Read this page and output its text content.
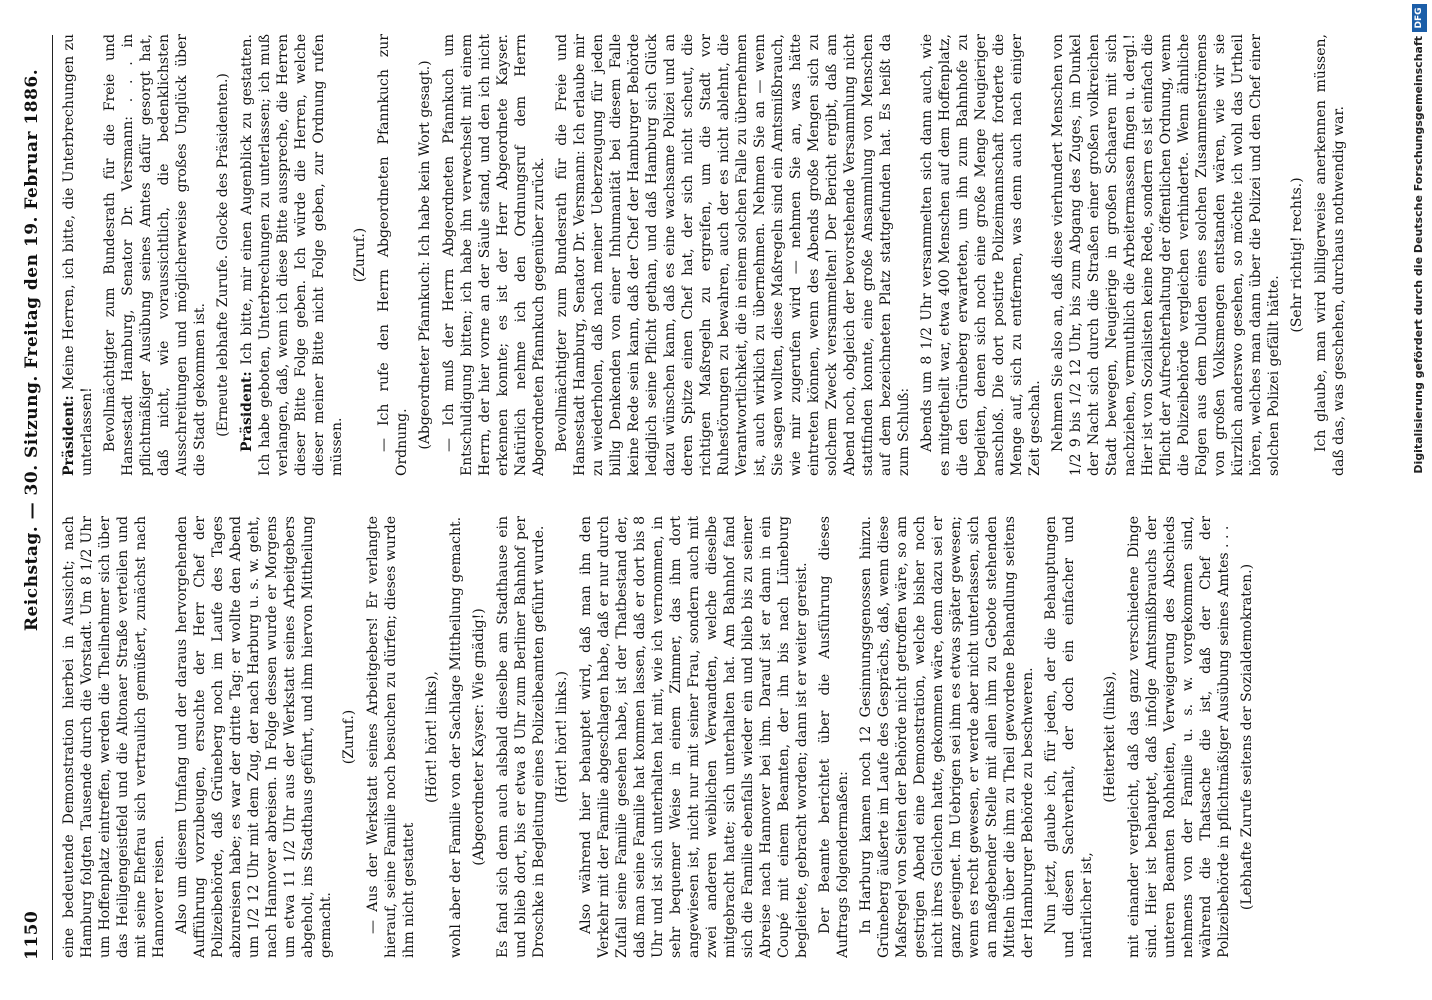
1150
Reichstag. — 30. Sitzung. Freitag den 19. Februar 1886.
eine bedeutende Demonstration hierbei in Aussicht; nach Hamburg folgten Tausende durch die Vorstadt. Um 8 1/2 Uhr um Hoffenplatz eintreffen, werden die Theilnehmer sich über das Heiligengeistfeld und die Altonaer Straße verteilen und mit seine Ehefrau sich vertraulich gemüßert, zunächst nach Hannover reisen. Also um diesem Umfang und der daraus hervorgehenden Aufführung vorzubeugen, ersuchte der Herr Chef der Polizeibehörde, daß Grüneberg noch im Laufe des Tages abzureisen habe; es war der dritte Tag: er wollte den Abend um 1/2 12 Uhr mit dem Zug, der nach Harburg u. s. w. geht, nach Hannover abreisen. In Folge dessen wurde er Morgens um etwa 11 1/2 Uhr aus der Werkstatt seines Arbeitgebers abgeholt, ins Stadthaus geführt, und ihm hiervon Mittheilung gemacht.
(Zuruf.) — Aus der Werkstatt seines Arbeitgebers! Er verlangte hierauf, seine Familie noch besuchen zu dürfen; dieses wurde ihm nicht gestattet
(Hört! hört! links), wohl aber der Familie von der Sachlage Mittheilung gemacht. (Abgeordneter Kayser: Wie gnädig!) Es fand sich denn auch alsbald dieselbe am Stadthause ein und blieb dort, bis er etwa 8 Uhr zum Berliner Bahnhof per Droschke in Begleitung eines Polizeibeamten geführt wurde. (Hört! hört! links.) Also während hier behauptet wird, daß man ihn den Verkehr mit der Familie abgeschlagen habe, daß er nur durch Zufall seine Familie gesehen habe, ist der Thatbestand der, daß man seine Familie hat kommen lassen, daß er dort bis 8 Uhr und ist sich unterhalten hat mit, wie ich vernommen, in sehr bequemer Weise in einem Zimmer, das ihm dort angewiesen ist, nicht nur mit seiner Frau, sondern auch mit zwei anderen weiblichen Verwandten, welche dieselbe mitgebracht hatte; sich unterhalten hat. Am Bahnhof fand sich die Familie ebenfalls wieder ein und blieb bis zu seiner Abreise nach Hannover bei ihm. Darauf ist er dann in ein Coupé mit einem Beamten, der ihn bis nach Lüneburg begleitete, gebracht worden; dann ist er weiter gereist. Der Beamte berichtet über die Ausführung dieses Auftrags folgendermaßen: In Harburg kamen noch 12 Gesinnungsgenossen hinzu. Grüneberg äußerte im Laufe des Gesprächs, daß, wenn diese Maßregel von Seiten der Behörde nicht getroffen wäre, so am gestrigen Abend eine Demonstration, welche bisher noch nicht ihres Gleichen hatte, gekommen wäre, denn dazu sei er ganz geeignet. Im Uebrigen sei ihm es etwas später gewesen; wenn es recht gewesen, er werde aber nicht unterlassen, sich an maßgebender Stelle mit allen ihm zu Gebote stehenden Mitteln über die ihm zu Theil gewordene Behandlung seitens der Hamburger Behörde zu beschweren. Nun jetzt, glaube ich, für jeden, der die Behauptungen und diesen Sachverhalt, der doch ein einfacher und natürlicher ist,
(Heiterkeit (links), mit einander vergleicht, daß das ganz verschiedene Dinge sind. Hier ist behauptet, daß infolge Amtsmißbrauchs der unteren Beamten Rohheiten, Verweigerung des Abschieds nehmens von der Familie u. s. w. vorgekommen sind, während die Thatsache die ist, daß der Chef der Polizeibehörde in pflichtmäßiger Ausübung seines Amtes . . . (Lebhafte Zurufe seitens der Sozialdemokraten.)
Präsident: Meine Herren, ich bitte, die Unterbrechungen zu unterlassen! Bevollmächtigter zum Bundesrath für die Freie und Hansestadt Hamburg, Senator Dr. Versmann: . . . in pflichtmäßiger Ausübung seines Amtes dafür gesorgt hat, daß nicht, wie voraussichtlich, die bedenklichsten Ausschreitungen und möglicherweise großes Unglück über die Stadt gekommen ist. (Erneute lebhafte Zurufe. Glocke des Präsidenten.) Präsident: Ich bitte, mir einen Augenblick zu gestatten. Ich habe geboten, Unterbrechungen zu unterlassen; ich muß verlangen, daß, wenn ich diese Bitte ausspreche, die Herren dieser Bitte Folge geben. Ich würde die Herren, welche dieser meiner Bitte nicht Folge geben, zur Ordnung rufen müssen.
(Zuruf.) — Ich rufe den Herrn Abgeordneten Pfannkuch zur Ordnung. (Abgeordneter Pfannkuch: Ich habe kein Wort gesagt.) — Ich muß der Herrn Abgeordneten Pfannkuch um Entschuldigung bitten; ich habe ihn verwechselt mit einem Herrn, der hier vorne an der Säule stand, und den ich nicht erkennen konnte; es ist der Herr Abgeordnete Kayser. Natürlich nehme ich den Ordnungsruf dem Herrn Abgeordneten Pfannkuch gegenüber zurück. Bevollmächtigter zum Bundesrath für die Freie und Hansestadt Hamburg, Senator Dr. Versmann: Ich erlaube mir zu wiederholen, daß nach meiner Ueberzeugung für jeden billig Denkenden von einer Inhumanität bei diesem Falle keine Rede sein kann, daß der Chef der Hamburger Behörde lediglich seine Pflicht gethan, und daß Hamburg sich Glück dazu wünschen kann, daß es eine wachsame Polizei und an deren Spitze einen Chef hat, der sich nicht scheut, die richtigen Maßregeln zu ergreifen, um die Stadt vor Ruhestörungen zu bewahren, auch der es nicht ablehnt, die Verantwortlichkeit, die in einem solchen Falle zu übernehmen ist, auch wirklich zu übernehmen. Nehmen Sie an — wenn Sie sagen wollten, diese Maßregeln sind ein Amtsmißbrauch, wie mir zugerufen wird — nehmen Sie an, was hätte eintreten können, wenn des Abends große Mengen sich zu solchem Zweck versammelten! Der Bericht ergibt, daß am Abend noch, obgleich der bevorstehende Versammlung nicht stattfinden konnte, eine große Ansammlung von Menschen auf dem bezeichneten Platz stattgefunden hat. Es heißt da zum Schluß: Abends um 8 1/2 Uhr versammelten sich dann auch, wie es mitgetheilt war, etwa 400 Menschen auf dem Hoffenplatz, die den Grüneberg erwarteten, um ihn zum Bahnhofe zu begleiten, denen sich noch eine große Menge Neugieriger anschloß. Die dort postirte Polizeimannschaft forderte die Menge auf, sich zu entfernen, was denn auch nach einiger Zeit geschah. Nehmen Sie also an, daß diese vierhundert Menschen von 1/2 9 bis 1/2 12 Uhr, bis zum Abgang des Zuges, im Dunkel der Nacht sich durch die Straßen einer großen volkreichen Stadt bewegen, Neugierige in großen Schaaren mit sich nachziehen, vermuthlich die Arbeitermassen fingen u. dergl.! Hier ist von Sozialisten keine Rede, sondern es ist einfach die Pflicht der Aufrechterhaltung der öffentlichen Ordnung, wenn die Polizeibehörde vergleichen verhinderte. Wenn ähnliche Folgen aus dem Dulden eines solchen Zusammenströmens von großen Volksmengen entstanden wären, wie wir sie kürzlich anderswo gesehen, so möchte ich wohl das Urtheil hören, welches man dann über die Polizei und den Chef einer solchen Polizei gefällt hätte.
(Sehr richtig! rechts.) Ich glaube, man wird billigerweise anerkennen müssen, daß das, was geschehen, durchaus nothwendig war.	Digitalisierung gefördert durch die Deutsche Forschungsgemeinschaft
DFG
